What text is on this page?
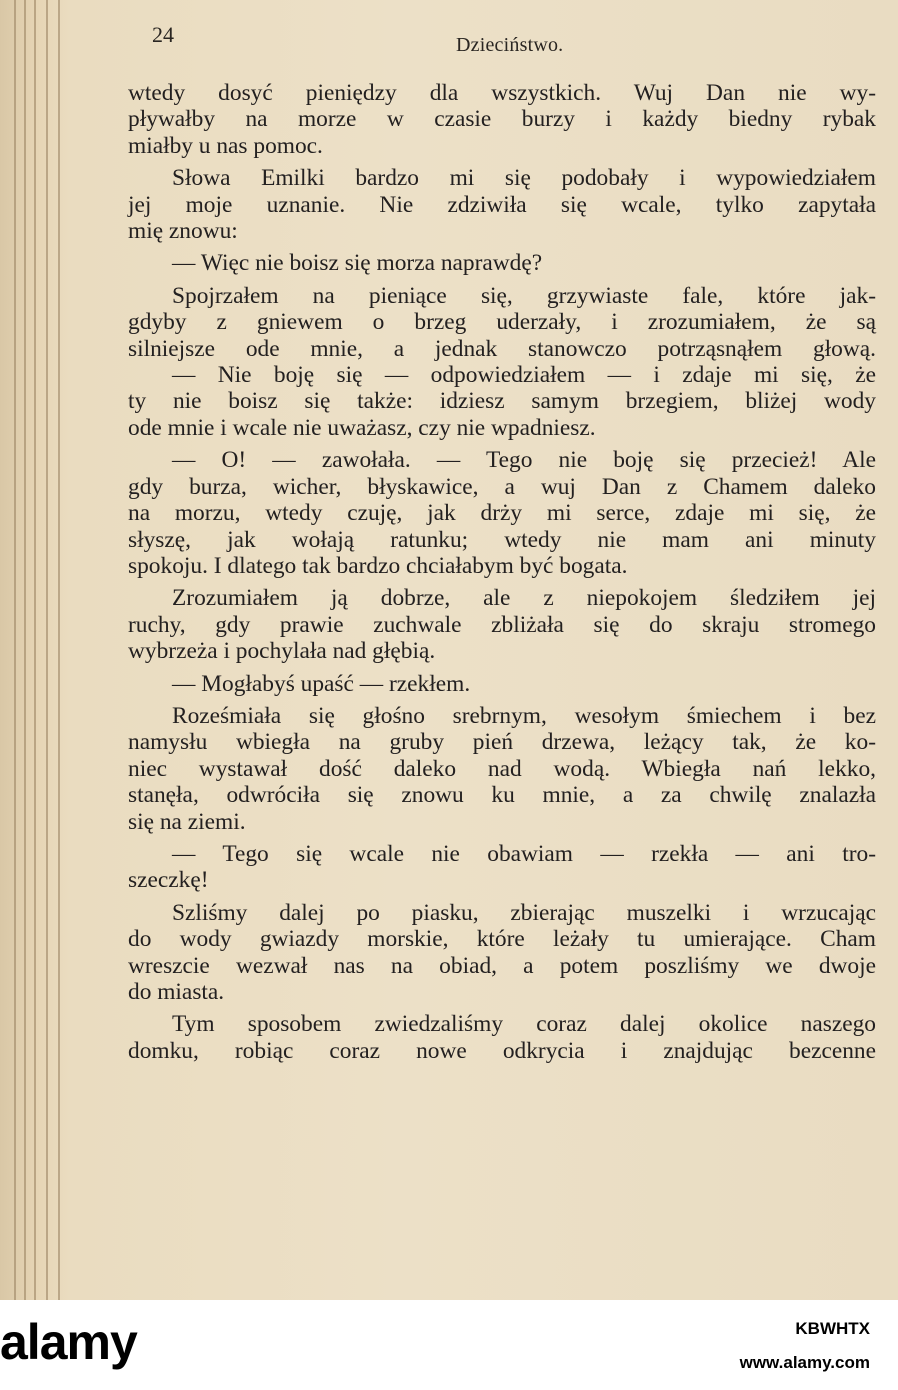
24	Dzieciństwo.
wtedy dosyć pieniędzy dla wszystkich. Wuj Dan nie wy-
pływałby na morze w czasie burzy i każdy biedny rybak
miałby u nas pomoc.
Słowa Emilki bardzo mi się podobały i wypowiedziałem
jej moje uznanie. Nie zdziwiła się wcale, tylko zapytała
mię znowu:
— Więc nie boisz się morza naprawdę?
Spojrzałem na pieniące się, grzywiaste fale, które jak-
gdyby z gniewem o brzeg uderzały, i zrozumiałem, że są
silniejsze ode mnie, a jednak stanowczo potrząsnąłem głową.
— Nie boję się — odpowiedziałem — i zdaje mi się, że
ty nie boisz się także: idziesz samym brzegiem, bliżej wody
ode mnie i wcale nie uważasz, czy nie wpadniesz.
— O! — zawołała. — Tego nie boję się przecież! Ale
gdy burza, wicher, błyskawice, a wuj Dan z Chamem daleko
na morzu, wtedy czuję, jak drży mi serce, zdaje mi się, że
słyszę, jak wołają ratunku; wtedy nie mam ani minuty
spokoju. I dlatego tak bardzo chciałabym być bogata.
Zrozumiałem ją dobrze, ale z niepokojem śledziłem jej
ruchy, gdy prawie zuchwale zbliżała się do skraju stromego
wybrzeża i pochylała nad głębią.
— Mogłabyś upaść — rzekłem.
Roześmiała się głośno srebrnym, wesołym śmiechem i bez
namysłu wbiegła na gruby pień drzewa, leżący tak, że ko-
niec wystawał dość daleko nad wodą. Wbiegła nań lekko,
stanęła, odwróciła się znowu ku mnie, a za chwilę znalazła
się na ziemi.
— Tego się wcale nie obawiam — rzekła — ani tro-
szeczkę!
Szliśmy dalej po piasku, zbierając muszelki i wrzucając
do wody gwiazdy morskie, które leżały tu umierające. Cham
wreszcie wezwał nas na obiad, a potem poszliśmy we dwoje
do miasta.
Tym sposobem zwiedzaliśmy coraz dalej okolice naszego
domku, robiąc coraz nowe odkrycia i znajdując bezcenne
alamy	KBWHTX
www.alamy.com
